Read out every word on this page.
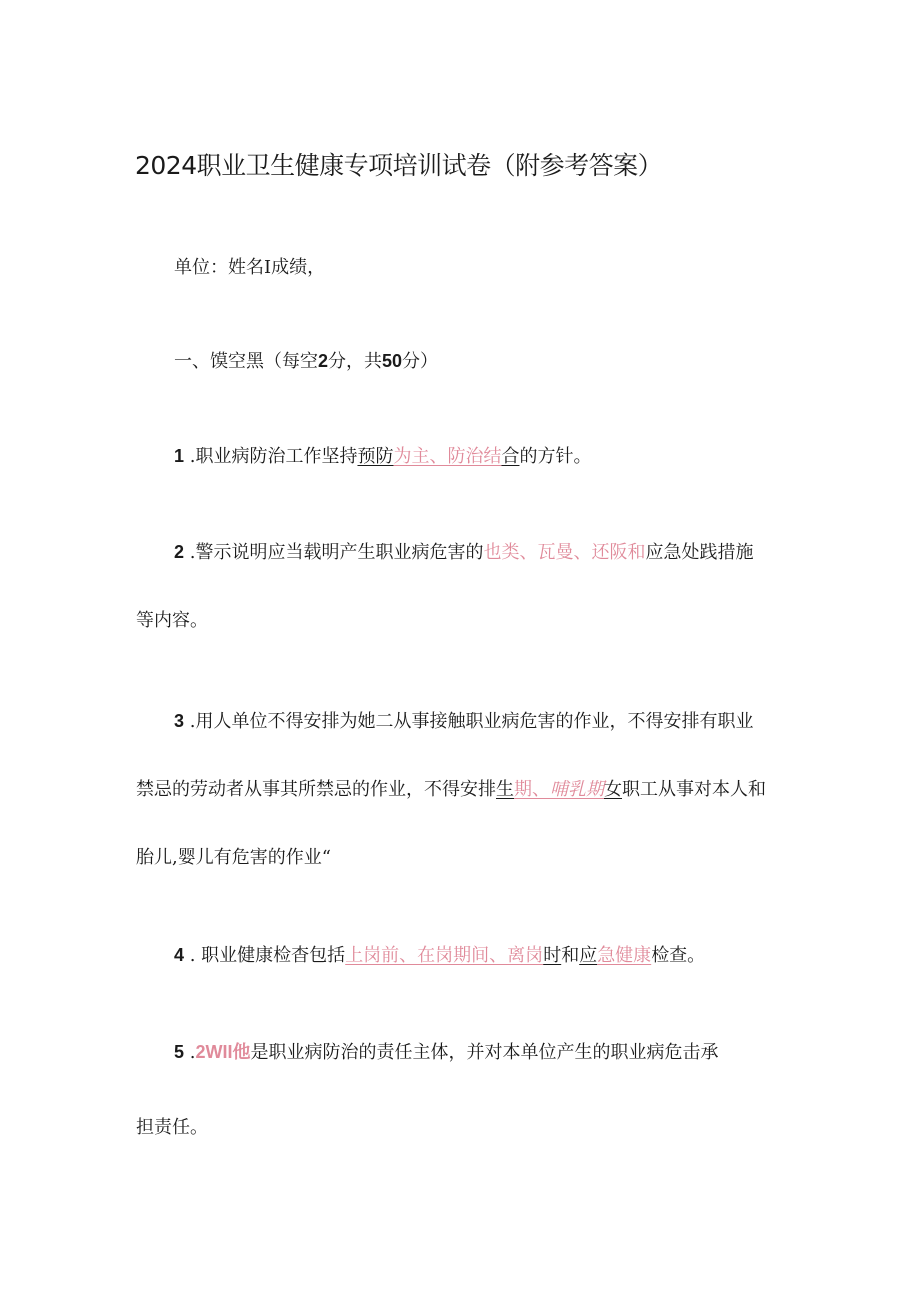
2024职业卫生健康专项培训试卷（附参考答案）
单位：姓名I成绩，
一、馍空黑（每空2分，共50分）
1 .职业病防治工作坚持预防为主、防治结合的方针。
2 .警示说明应当载明产生职业病危害的也类、瓦曼、还阪和应急处践措施
等内容。
3 .用人单位不得安排为她二从事接触职业病危害的作业，不得安排有职业
禁忌的劳动者从事其所禁忌的作业，不得安排生期、哺乳期女职工从事对本人和
胎儿,婴儿有危害的作业“
4 . 职业健康检杳包括上岗前、在岗期间、离岗时和应急健康检查。
5 .2WII他是职业病防治的责任主体，并对本单位产生的职业病危击承
担责任。
